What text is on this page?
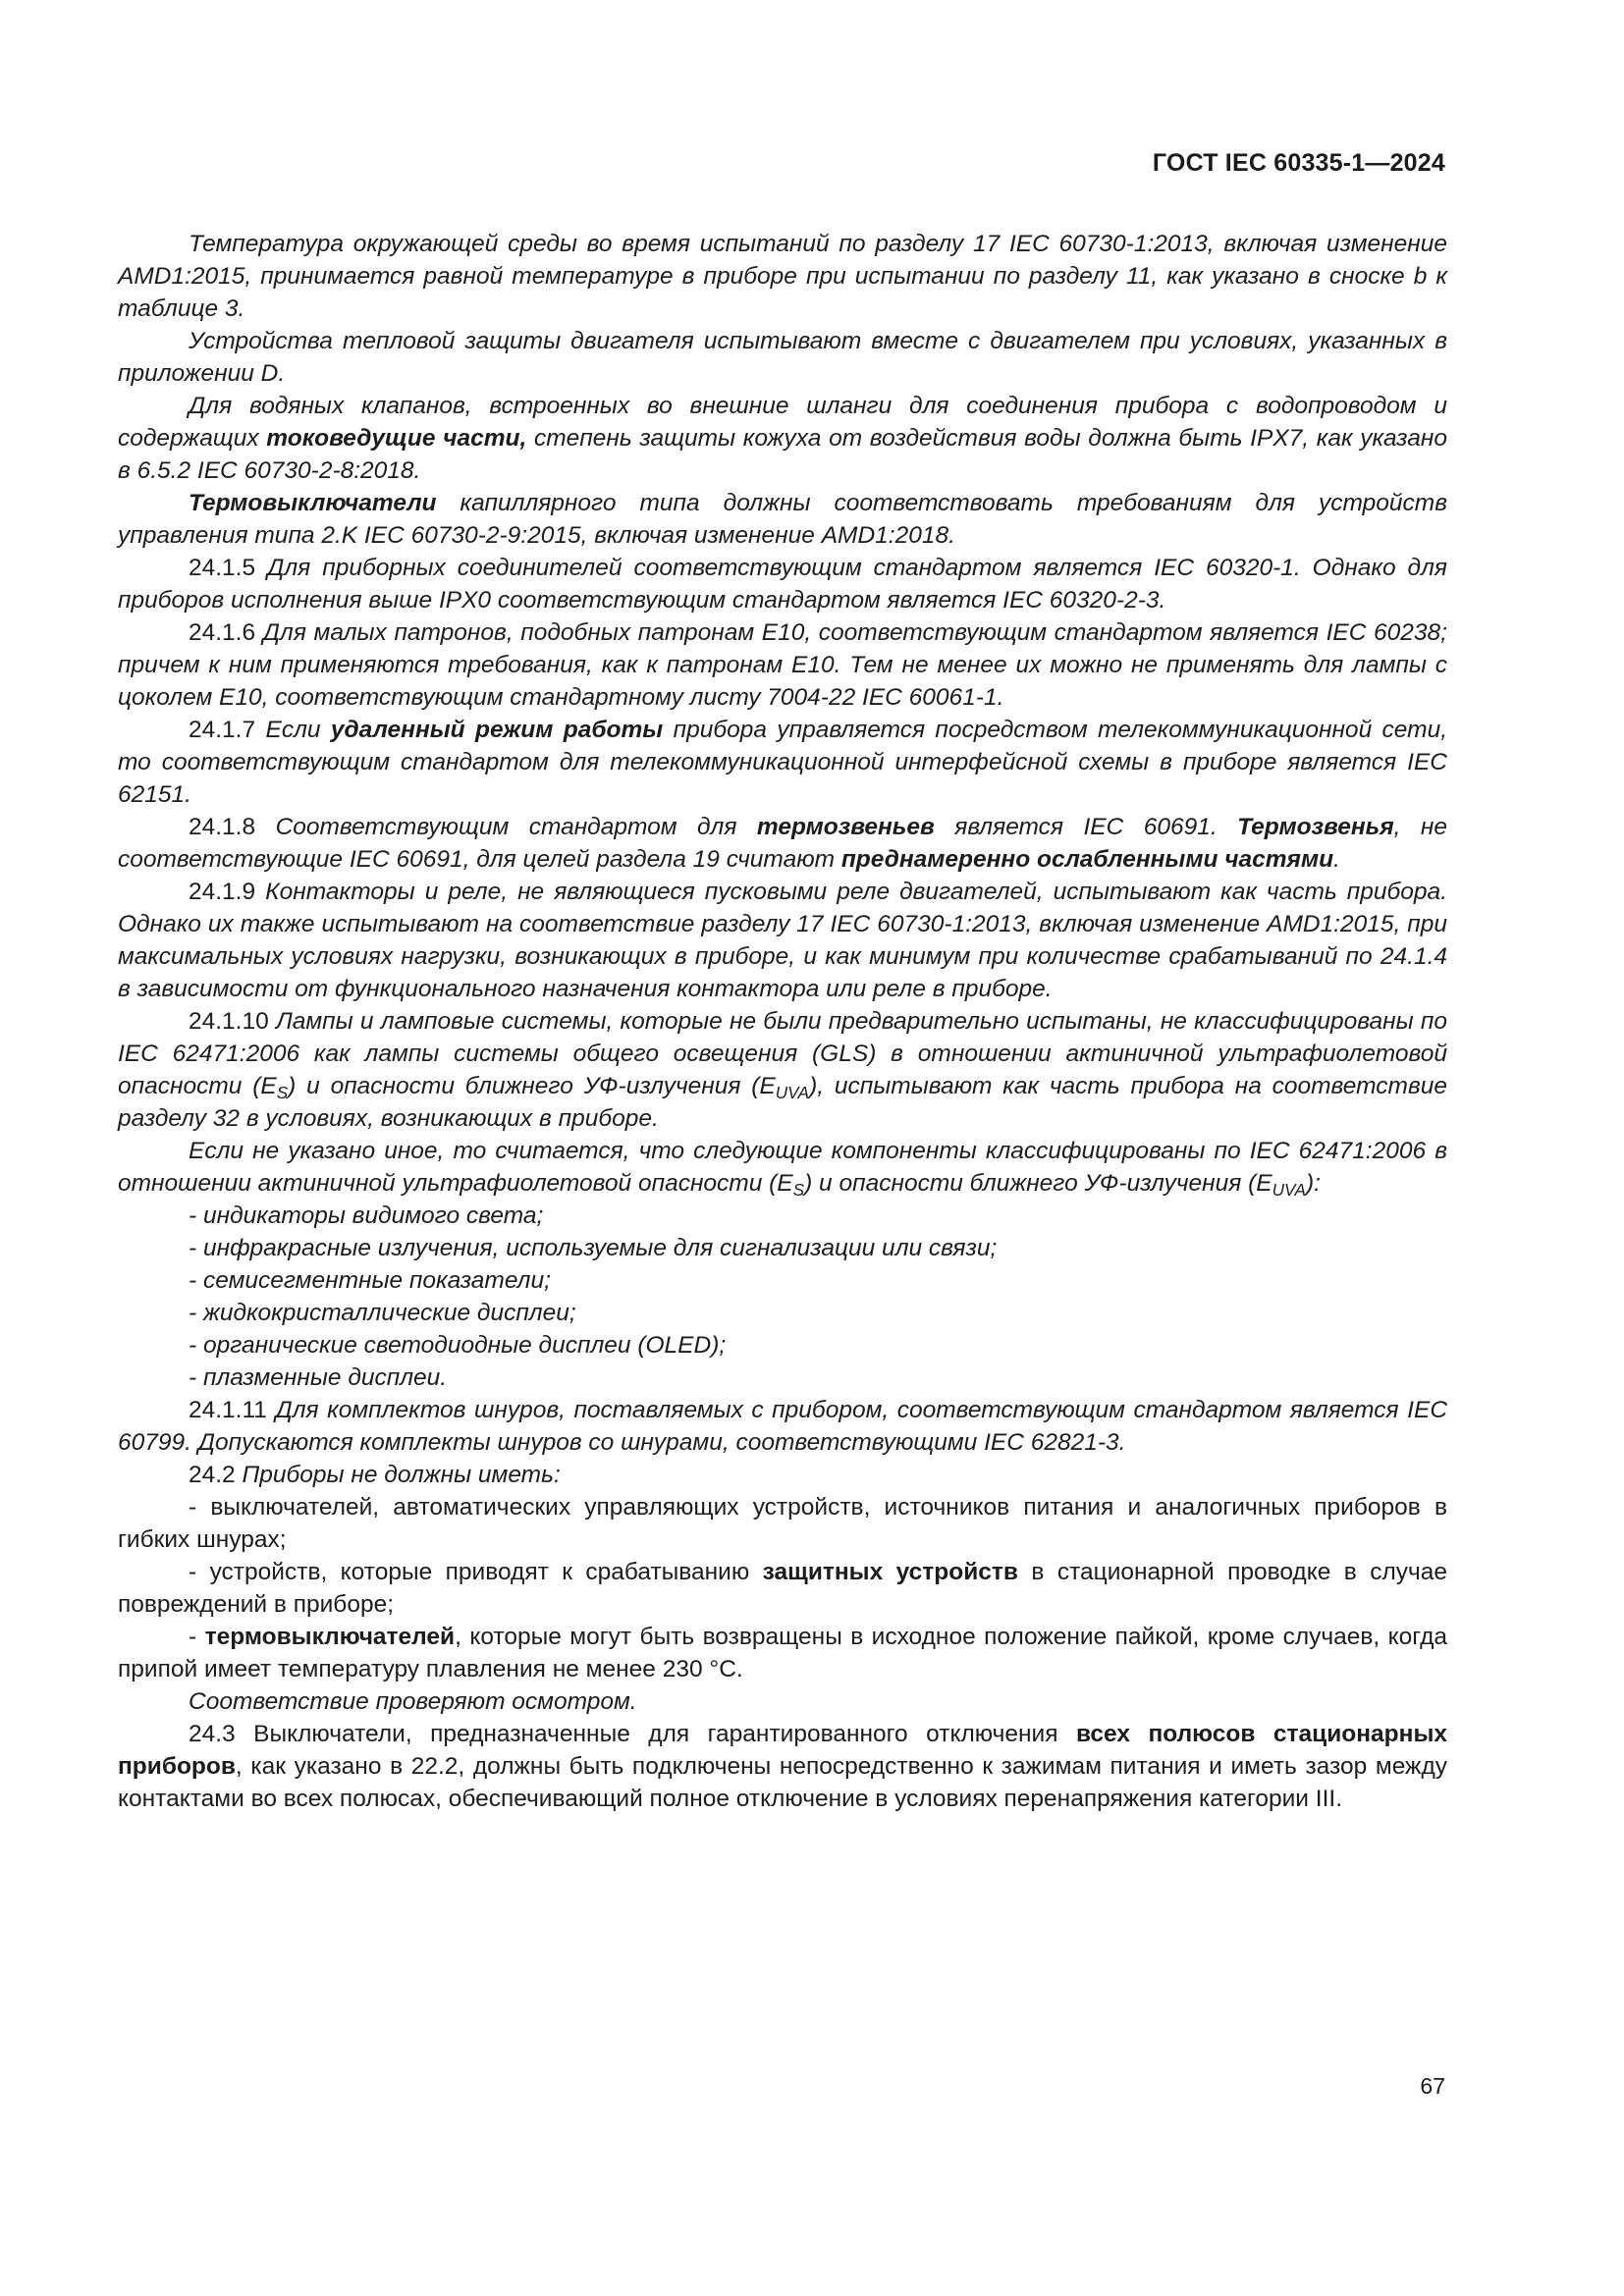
ГОСТ IEC 60335-1—2024

Температура окружающей среды во время испытаний по разделу 17 IEC 60730-1:2013, включая изменение AMD1:2015, принимается равной температуре в приборе при испытании по разделу 11, как указано в сноске b к таблице 3.

Устройства тепловой защиты двигателя испытывают вместе с двигателем при условиях, указанных в приложении D.

Для водяных клапанов, встроенных во внешние шланги для соединения прибора с водопроводом и содержащих токоведущие части, степень защиты кожуха от воздействия воды должна быть IPX7, как указано в 6.5.2 IEC 60730-2-8:2018.

Термовыключатели капиллярного типа должны соответствовать требованиям для устройств управления типа 2.K IEC 60730-2-9:2015, включая изменение AMD1:2018.

24.1.5 Для приборных соединителей соответствующим стандартом является IEC 60320-1. Однако для приборов исполнения выше IPX0 соответствующим стандартом является IEC 60320-2-3.

24.1.6 Для малых патронов, подобных патронам E10, соответствующим стандартом является IEC 60238; причем к ним применяются требования, как к патронам E10. Тем не менее их можно не применять для лампы с цоколем E10, соответствующим стандартному листу 7004-22 IEC 60061-1.

24.1.7 Если удаленный режим работы прибора управляется посредством телекоммуникационной сети, то соответствующим стандартом для телекоммуникационной интерфейсной схемы в приборе является IEC 62151.

24.1.8 Соответствующим стандартом для термозвеньев является IEC 60691. Термозвенья, не соответствующие IEC 60691, для целей раздела 19 считают преднамеренно ослабленными частями.

24.1.9 Контакторы и реле, не являющиеся пусковыми реле двигателей, испытывают как часть прибора. Однако их также испытывают на соответствие разделу 17 IEC 60730-1:2013, включая изменение AMD1:2015, при максимальных условиях нагрузки, возникающих в приборе, и как минимум при количестве срабатываний по 24.1.4 в зависимости от функционального назначения контактора или реле в приборе.

24.1.10 Лампы и ламповые системы, которые не были предварительно испытаны, не классифицированы по IEC 62471:2006 как лампы системы общего освещения (GLS) в отношении актиничной ультрафиолетовой опасности $(E_S)$ и опасности ближнего УФ-излучения $(E_{UVA})$, испытывают как часть прибора на соответствие разделу 32 в условиях, возникающих в приборе.

Если не указано иное, то считается, что следующие компоненты классифицированы по IEC 62471:2006 в отношении актиничной ультрафиолетовой опасности $(E_S)$ и опасности ближнего УФ-излучения $(E_{UVA})$:

- индикаторы видимого света;

- инфракрасные излучения, используемые для сигнализации или связи;

- семисегментные показатели;

- жидкокристаллические дисплеи;

- органические светодиодные дисплеи (OLED);

- плазменные дисплеи.

24.1.11 Для комплектов шнуров, поставляемых с прибором, соответствующим стандартом является IEC 60799. Допускаются комплекты шнуров со шнурами, соответствующими IEC 62821-3.

24.2 Приборы не должны иметь:

- выключателей, автоматических управляющих устройств, источников питания и аналогичных приборов в гибких шнурах;

- устройств, которые приводят к срабатыванию защитных устройств в стационарной проводке в случае повреждений в приборе;

- термовыключателей, которые могут быть возвращены в исходное положение пайкой, кроме случаев, когда припой имеет температуру плавления не менее 230 °C.

Соответствие проверяют осмотром.

24.3 Выключатели, предназначенные для гарантированного отключения всех полюсов стационарных приборов, как указано в 22.2, должны быть подключены непосредственно к зажимам питания и иметь зазор между контактами во всех полюсах, обеспечивающий полное отключение в условиях перенапряжения категории III.

67
